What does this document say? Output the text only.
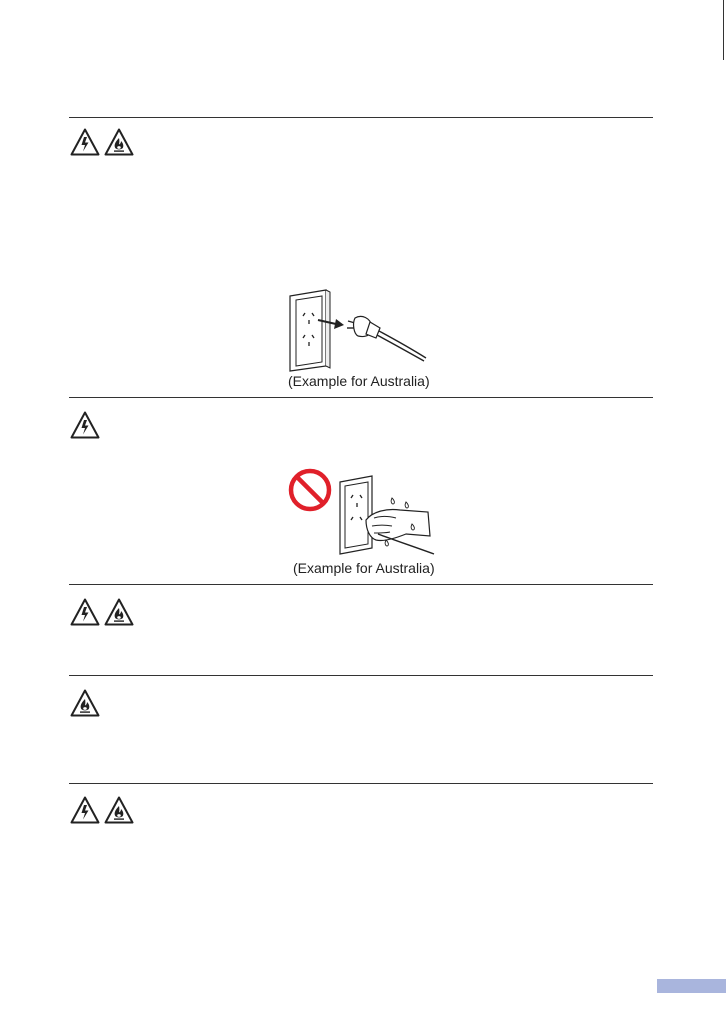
(Example for Australia)
(Example for Australia)
